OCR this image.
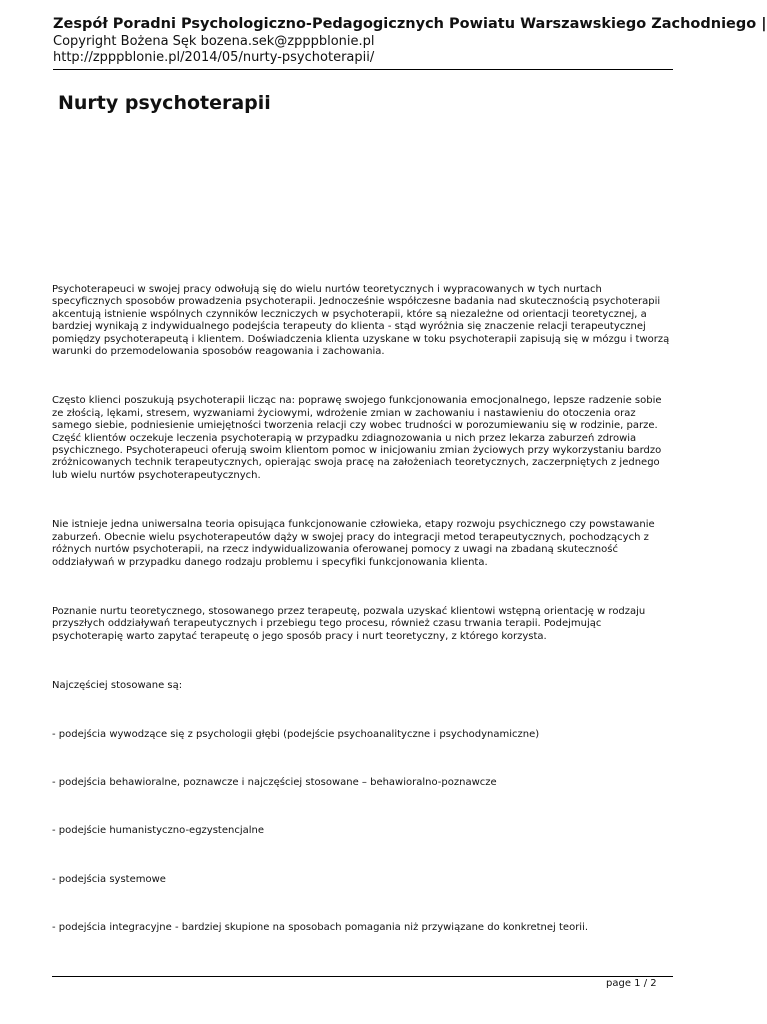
Zespół Poradni Psychologiczno-Pedagogicznych Powiatu Warszawskiego Zachodniego |
Copyright Bożena Sęk bozena.sek@zpppblonie.pl
http://zpppblonie.pl/2014/05/nurty-psychoterapii/
Nurty psychoterapii

Psychoterapeuci w swojej pracy odwołują się do wielu nurtów teoretycznych i wypracowanych w tych nurtach specyficznych sposobów prowadzenia psychoterapii. Jednocześnie współczesne badania nad skutecznością psychoterapii akcentują istnienie wspólnych czynników leczniczych w psychoterapii, które są niezależne od orientacji teoretycznej, a bardziej wynikają z indywidualnego podejścia terapeuty do klienta - stąd wyróżnia się znaczenie relacji terapeutycznej pomiędzy psychoterapeutą i klientem. Doświadczenia klienta uzyskane w toku psychoterapii zapisują się w mózgu i tworzą warunki do przemodelowania sposobów reagowania i zachowania.

Często klienci poszukują psychoterapii licząc na: poprawę swojego funkcjonowania emocjonalnego, lepsze radzenie sobie ze złością, lękami, stresem, wyzwaniami życiowymi, wdrożenie zmian w zachowaniu i nastawieniu do otoczenia oraz samego siebie, podniesienie umiejętności tworzenia relacji czy wobec trudności w porozumiewaniu się w rodzinie, parze. Część klientów oczekuje leczenia psychoterapią w przypadku zdiagnozowania u nich przez lekarza zaburzeń zdrowia psychicznego. Psychoterapeuci oferują swoim klientom pomoc w inicjowaniu zmian życiowych przy wykorzystaniu bardzo zróżnicowanych technik terapeutycznych, opierając swoja pracę na założeniach teoretycznych, zaczerpniętych z jednego lub wielu nurtów psychoterapeutycznych.

Nie istnieje jedna uniwersalna teoria opisująca funkcjonowanie człowieka, etapy rozwoju psychicznego czy powstawanie zaburzeń. Obecnie wielu psychoterapeutów dąży w swojej pracy do integracji metod terapeutycznych, pochodzących z różnych nurtów psychoterapii, na rzecz indywidualizowania oferowanej pomocy z uwagi na zbadaną skuteczność oddziaływań w przypadku danego rodzaju problemu i specyfiki funkcjonowania klienta.

Poznanie nurtu teoretycznego, stosowanego przez terapeutę, pozwala uzyskać klientowi wstępną orientację w rodzaju przyszłych oddziaływań terapeutycznych i przebiegu tego procesu, również czasu trwania terapii. Podejmując psychoterapię warto zapytać terapeutę o jego sposób pracy i nurt teoretyczny, z którego korzysta.

Najczęściej stosowane są:

- podejścia wywodzące się z psychologii głębi (podejście psychoanalityczne i psychodynamiczne)

- podejścia behawioralne, poznawcze i najczęściej stosowane – behawioralno-poznawcze

- podejście humanistyczno-egzystencjalne

- podejścia systemowe

- podejścia integracyjne - bardziej skupione na sposobach pomagania niż przywiązane do konkretnej teorii.

page 1 / 2
